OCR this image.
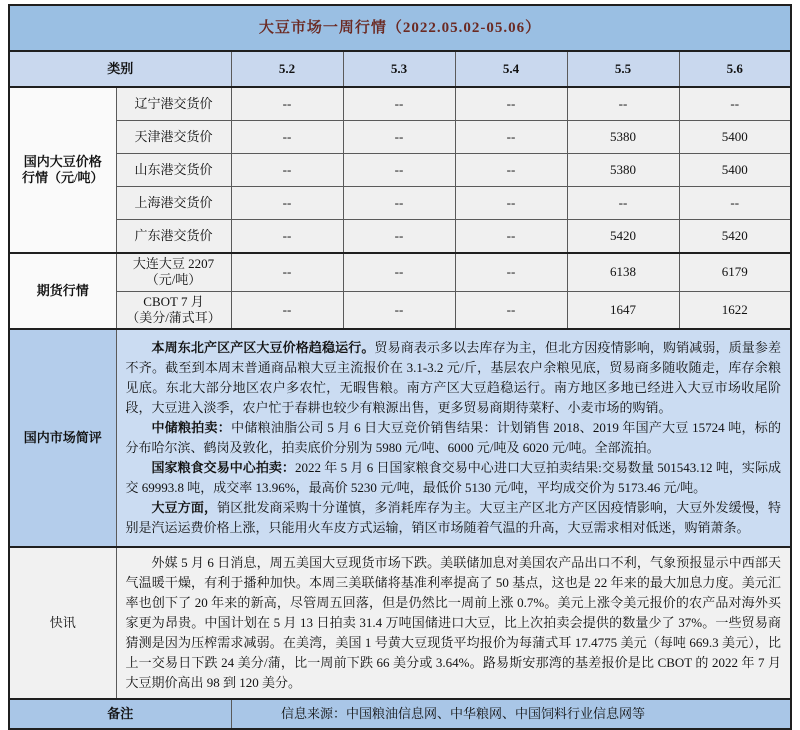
大豆市场一周行情（2022.05.02-05.06）						
类别		5.2	5.3	5.4	5.5	5.6

国内大豆价格
行情（元/吨）	辽宁港交货价	--	--	--	--	--
	天津港交货价	--	--	--	5380	5400
	山东港交货价	--	--	--	5380	5400
	上海港交货价	--	--	--	--	--
	广东港交货价	--	--	--	5420	5420
期货行情	大连大豆 2207
（元/吨）	--	--	--	6138	6179

	CBOT 7 月
（美分/蒲式耳）	--	--	--	1647	1622
国内市场简评	本周东北产区产区大豆价格趋稳运行。贸易商表示多以去库存为主，但北方因疫情影响，购销减弱，质量参差不齐。截至到本周末普通商品粮大豆主流报价在 3.1-3.2 元/斤，基层农户余粮见底，贸易商多随收随走，库存余粮见底。东北大部分地区农户多农忙，无暇售粮。南方产区大豆趋稳运行。南方地区多地已经进入大豆市场收尾阶段，大豆进入淡季，农户忙于春耕也较少有粮源出售，更多贸易商期待菜籽、小麦市场的购销。

中储粮拍卖：中储粮油脂公司 5 月 6 日大豆竞价销售结果：计划销售 2018、2019 年国产大豆 15724 吨，标的分布哈尔滨、鹤岗及敦化，拍卖底价分别为 5980 元/吨、6000 元/吨及 6020 元/吨。全部流拍。

国家粮食交易中心拍卖：2022 年 5 月 6 日国家粮食交易中心进口大豆拍卖结果:交易数量 501543.12 吨，实际成交 69993.8 吨，成交率 13.96%，最高价 5230 元/吨，最低价 5130 元/吨，平均成交价为 5173.46 元/吨。

大豆方面，销区批发商采购十分谨慎，多消耗库存为主。大豆主产区北方产区因疫情影响，大豆外发缓慢，特别是汽运运费价格上涨，只能用火车皮方式运输，销区市场随着气温的升高，大豆需求相对低迷，购销萧条。					

快讯	外媒 5 月 6 日消息，周五美国大豆现货市场下跌。美联储加息对美国农产品出口不利，气象预报显示中西部天气温暖干燥，有利于播种加快。本周三美联储将基准利率提高了 50 基点，这也是 22 年来的最大加息力度。美元汇率也创下了 20 年来的新高，尽管周五回落，但是仍然比一周前上涨 0.7%。美元上涨令美元报价的农产品对海外买家更为昂贵。中国计划在 5 月 13 日拍卖 31.4 万吨国储进口大豆，比上次拍卖会提供的数量少了 37%。一些贸易商猜测是因为压榨需求减弱。在美湾，美国 1 号黄大豆现货平均报价为每蒲式耳 17.4775 美元（每吨 669.3 美元），比上一交易日下跌 24 美分/蒲，比一周前下跌 66 美分或 3.64%。路易斯安那湾的基差报价是比 CBOT 的 2022 年 7 月大豆期价高出 98 到 120 美分。					

备注		信息来源：中国粮油信息网、中华粮网、中国饲料行业信息网等				
